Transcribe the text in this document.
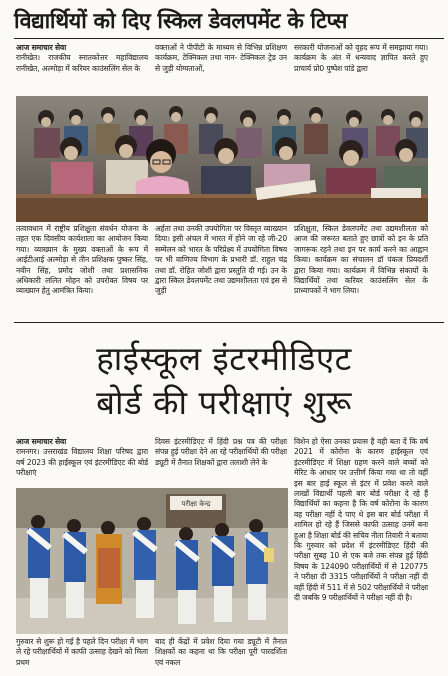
विद्यार्थियों को दिए स्किल डेवलपमेंट के टिप्स

आज समाचार सेवा

रानीखेत। राजकीय स्नातकोत्तर महाविद्यालय रानीखेत, अल्मोड़ा में करियर काउंसलिंग सेल के

वक्ताओं ने पीपीटी के माध्यम से विभिन्न प्रशिक्षण कार्यक्रम, टेक्निकल तथा नान- टेक्निकल ट्रेड उन से जुड़ी योग्यताओं,

सरकारी योजनाओं को वृहद रूप में समझाया गया। कार्यक्रम के अंत में धन्यवाद ज्ञापित करते हुए प्राचार्य प्रो0 पुष्पेश पांडे द्वारा

तत्वावधान में राष्ट्रीय प्रशिक्षुता संवर्धन योजना के तहत एक दिवसीय कार्यशाला का आयोजन किया गया। व्याख्यान के मुख्य वक्ताओं के रूप में आईटीआई अल्मोड़ा से तीन प्रशिक्षक पुष्कर सिंह, नवीन सिंह, प्रमोद जोशी तथा प्रशासनिक अधिकारी ललित मोहन को उपरोक्त विषय पर व्याख्यान हेतु आमंत्रित किया।

अर्हता तथा उनकी उपयोगिता पर विस्तृत व्याख्यान दिया। इसी अंचल में भारत में होने जा रहे जी-20 सम्मेलन को भारत के परिप्रेक्ष्य में उपयोगिता विषय पर भी वाणिज्य विभाग के प्रभारी डॉ. राहुल चंद्र तथा डॉ. रोहित जोशी द्वारा प्रस्तुति दी गई। उन के द्वारा स्किल डेवलपमेंट तथा उद्यमशीलता एवं इस से जुड़ी

प्रशिक्षुता, स्किल डेवलपमेंट तथा उद्यमशीलता को आज की जरूरत बताते हुए छात्रों को इन के प्रति जागरूक रहने तथा इन पर कार्य करने का आह्वान किया। कार्यक्रम का संचालन डॉ पंकज प्रियदर्शी द्वारा किया गया। कार्यक्रम में विभिन्न संकायों के विद्यार्थियों तथा करियर काउंसलिंग सेल के प्राध्यापकों ने भाग लिया।

हाईस्कूल इंटरमीडिएट
बोर्ड की परीक्षाएं शुरू

आज समाचार सेवा

रामनगर। उत्तराखंड विद्यालय शिक्षा परिषद द्वारा वर्ष 2023 की हाईस्कूल एवं इंटरमीडिएट की बोर्ड परीक्षाएं

दिवस इंटरमीडिएट में हिंदी प्रश्न पत्र की परीक्षा संपन्न हुई परीक्षा देने आ रहे परीक्षार्थियों की परीक्षा ड्यूटी में तैनात शिक्षकों द्वारा तलाशी लेने के

विशेन हो ऐसा उनका प्रयास है वही बता दें कि वर्ष 2021 में कोरोना के कारण हाईस्कूल एवं इंटरमीडिएट में शिक्षा ग्रहण करने वाले बच्चों को मेरिट के आधार पर उत्तीर्ण किया गया था तो वहीं इस बार हाई स्कूल से इंटर में प्रवेश करने वाले लाखों विद्यार्थी पहली बार बोर्ड परीक्षा दे रहे हैं विद्यार्थियों का कहना है कि वर्ष कोरोना के कारण वह परीक्षा नहीं दे पाए थे इस बार बोर्ड परीक्षा में शामिल हो रहे हैं जिससे काफी उत्साह उनमें बना हुआ है शिक्षा बोर्ड की सचिव नीता तिवारी ने बताया कि गुरुवार को प्रदेश में इंटरमीडिएट हिंदी की परीक्षा सुबह 10 से एक बजे तक संपन्न हुई हिंदी विषय के 124090 परीक्षार्थियों में से 120775 ने परीक्षा दी 3315 परीक्षार्थियों ने परीक्षा नहीं दी वहीं हिंदी में 511 में से 502 परीक्षार्थियों ने परीक्षा दी जबकि 9 परीक्षार्थियों ने परीक्षा नहीं दी है।

परीक्षा केन्द्र

गुरुवार से शुरू हो गई है पहले दिन परीक्षा में भाग ले रहे परीक्षार्थियों में काफी उत्साह देखने को मिला प्रथम

बाद ही केंद्रों में प्रवेश दिया गया ड्यूटी में तैनात शिक्षकों का कहना था कि परीक्षा पूरी पारदर्शिता एवं नकल
